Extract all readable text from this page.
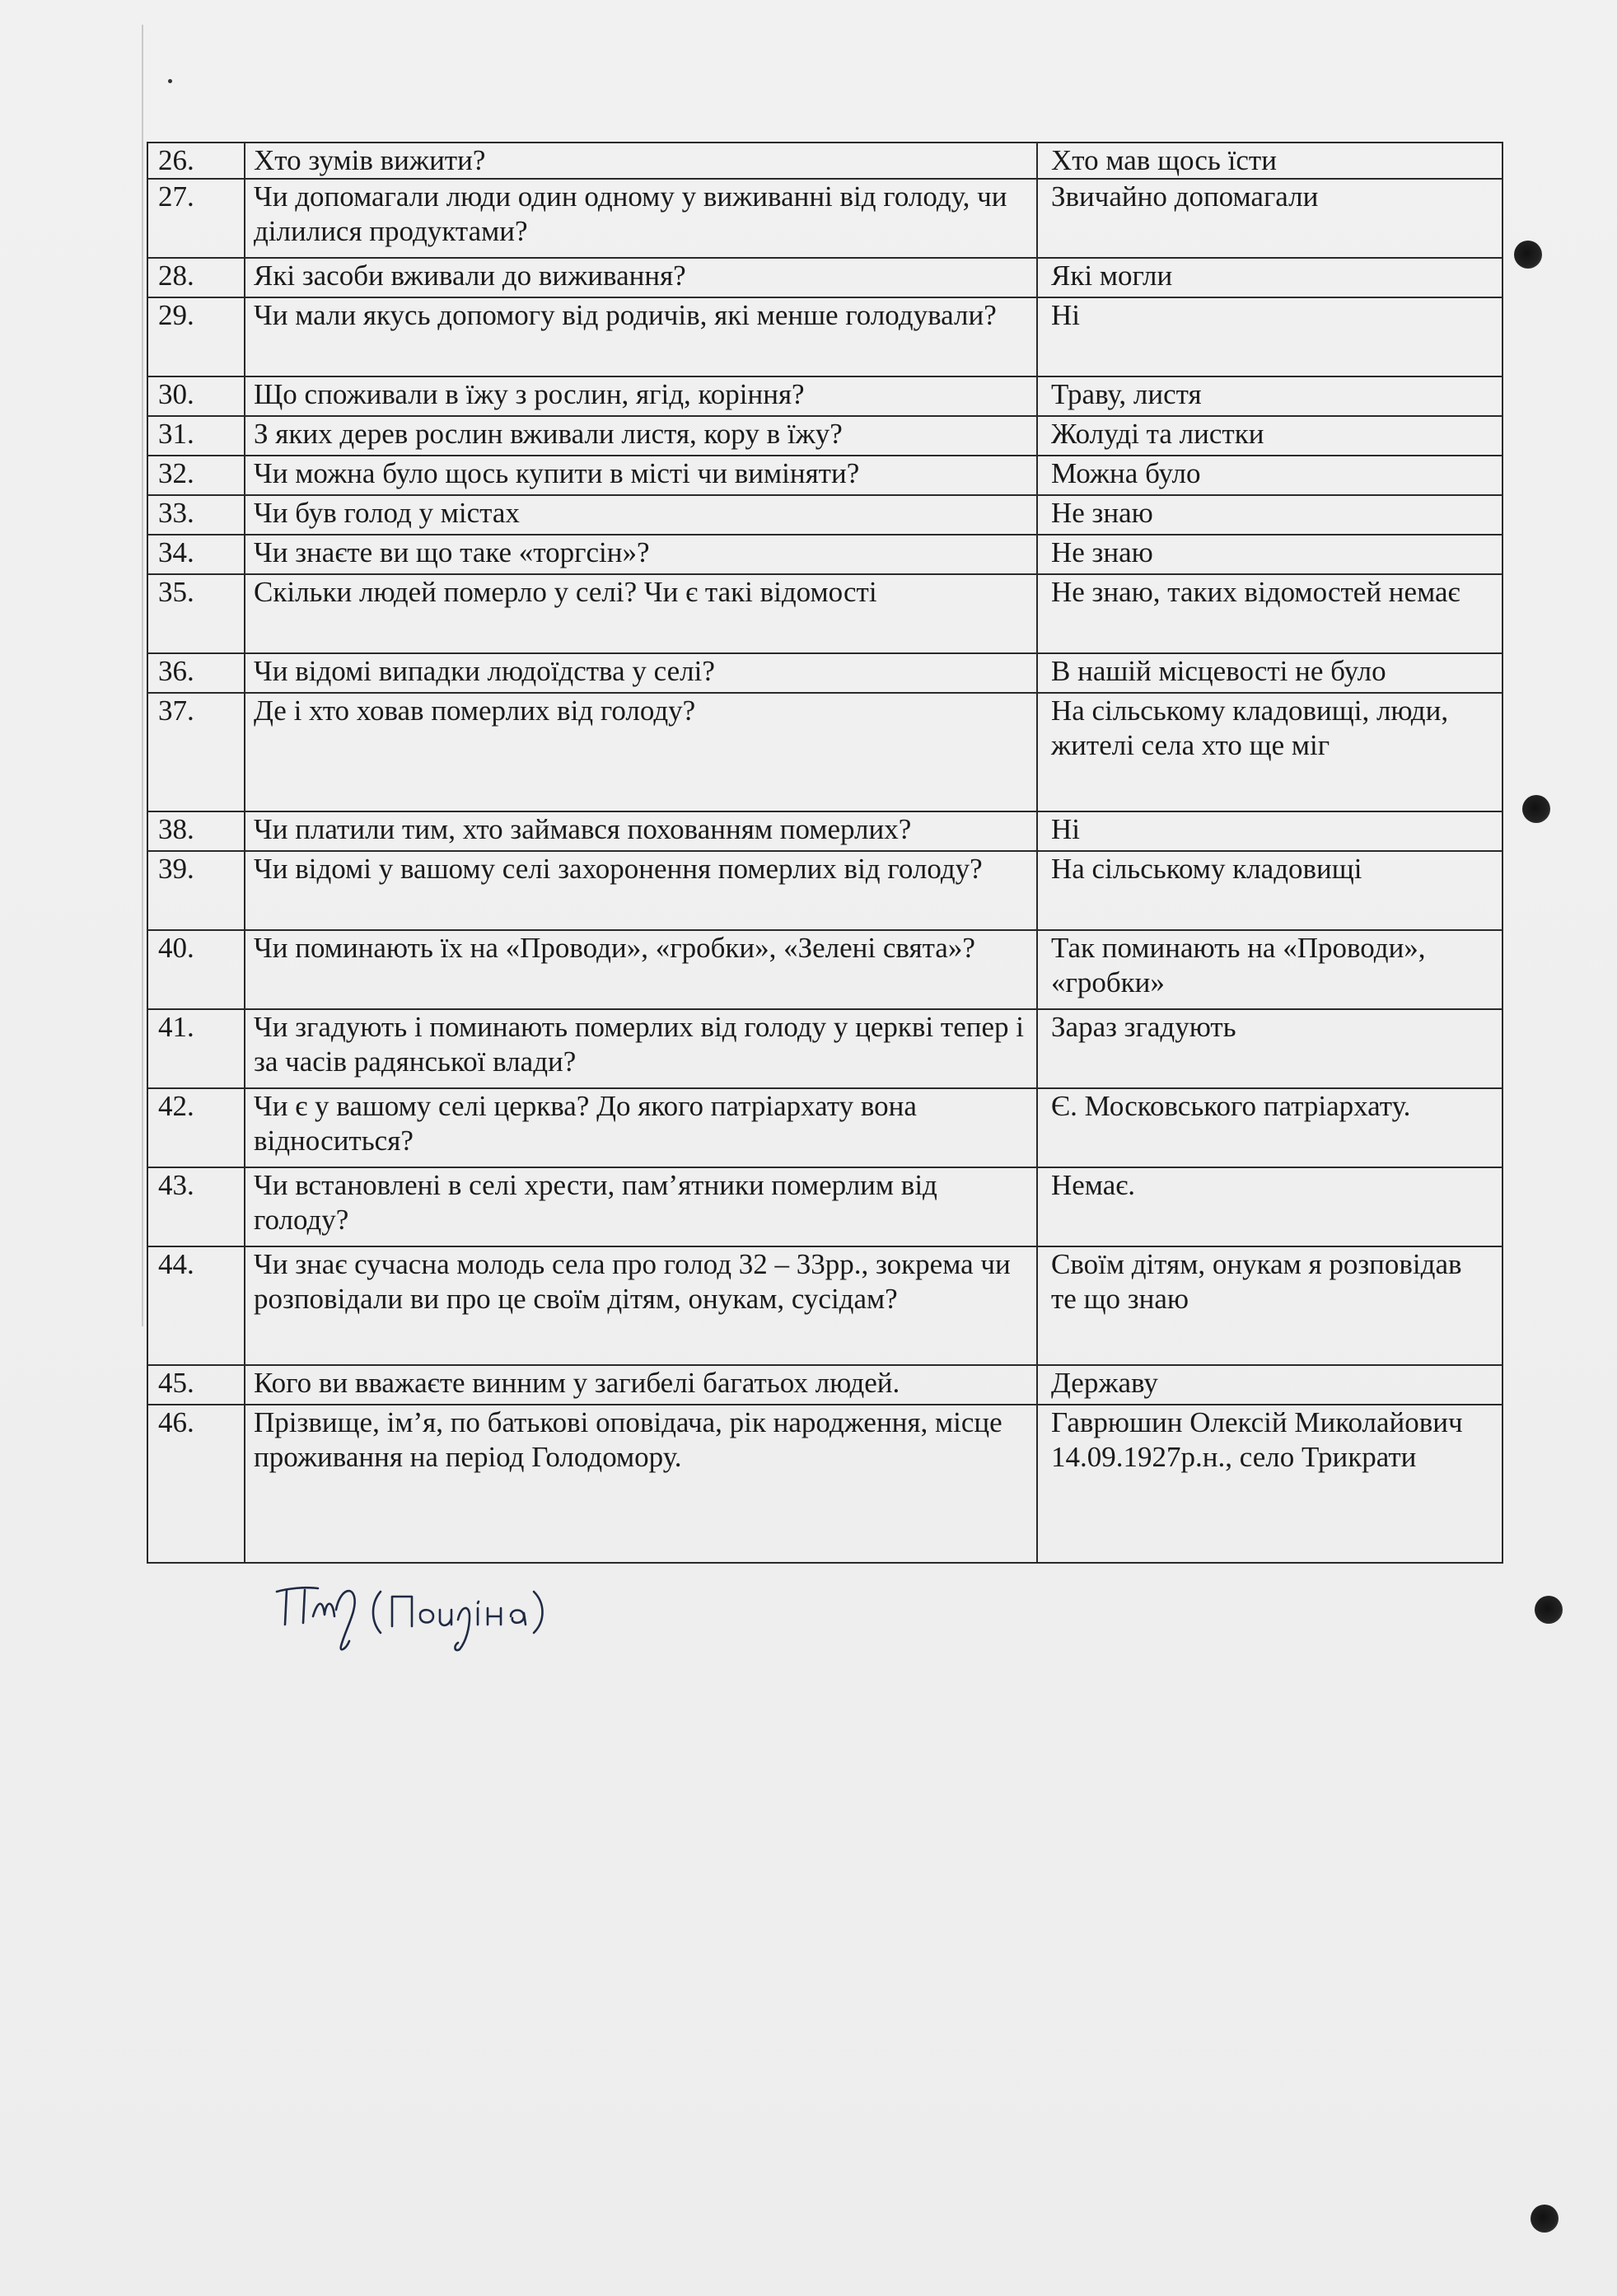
26.	Хто зумів вижити?	Хто мав щось їсти
27.	Чи допомагали люди один одному у виживанні від голоду, чи ділилися продуктами?	Звичайно допомагали
28.	Які засоби вживали до виживання?	Які могли
29.	Чи мали якусь допомогу від родичів, які менше голодували?	Ні
30.	Що споживали в їжу з рослин, ягід, коріння?	Траву, листя
31.	З яких дерев рослин вживали листя, кору в їжу?	Жолуді та листки
32.	Чи можна було щось купити в місті чи виміняти?	Можна було
33.	Чи був голод у містах	Не знаю
34.	Чи знаєте ви що таке «торгсін»?	Не знаю
35.	Скільки людей померло у селі? Чи є такі відомості	Не знаю, таких відомостей немає
36.	Чи відомі випадки людоїдства у селі?	В нашій місцевості не було
37.	Де і хто ховав померлих від голоду?	На сільському кладовищі, люди, жителі села хто ще міг
38.	Чи платили тим, хто займався похованням померлих?	Ні
39.	Чи відомі у вашому селі захоронення померлих від голоду?	На сільському кладовищі
40.	Чи поминають їх на «Проводи», «гробки», «Зелені свята»?	Так поминають на «Проводи», «гробки»
41.	Чи згадують і поминають померлих від голоду у церкві тепер і за часів радянської влади?	Зараз згадують
42.	Чи є у вашому селі церква? До якого патріархату вона відноситься?	Є. Московського патріархату.
43.	Чи встановлені в селі хрести, пам’ятники померлим від голоду?	Немає.
44.	Чи знає сучасна молодь села про голод 32 – 33рр., зокрема чи розповідали ви про це своїм дітям, онукам, сусідам?	Своїм дітям, онукам я розповідав те що знаю
45.	Кого ви вважаєте винним у загибелі багатьох людей.	Державу
46.	Прізвище, ім’я, по батькові оповідача, рік народження, місце проживання на період Голодомору.	Гаврюшин Олексій Миколайович 14.09.1927р.н., село Трикрати
